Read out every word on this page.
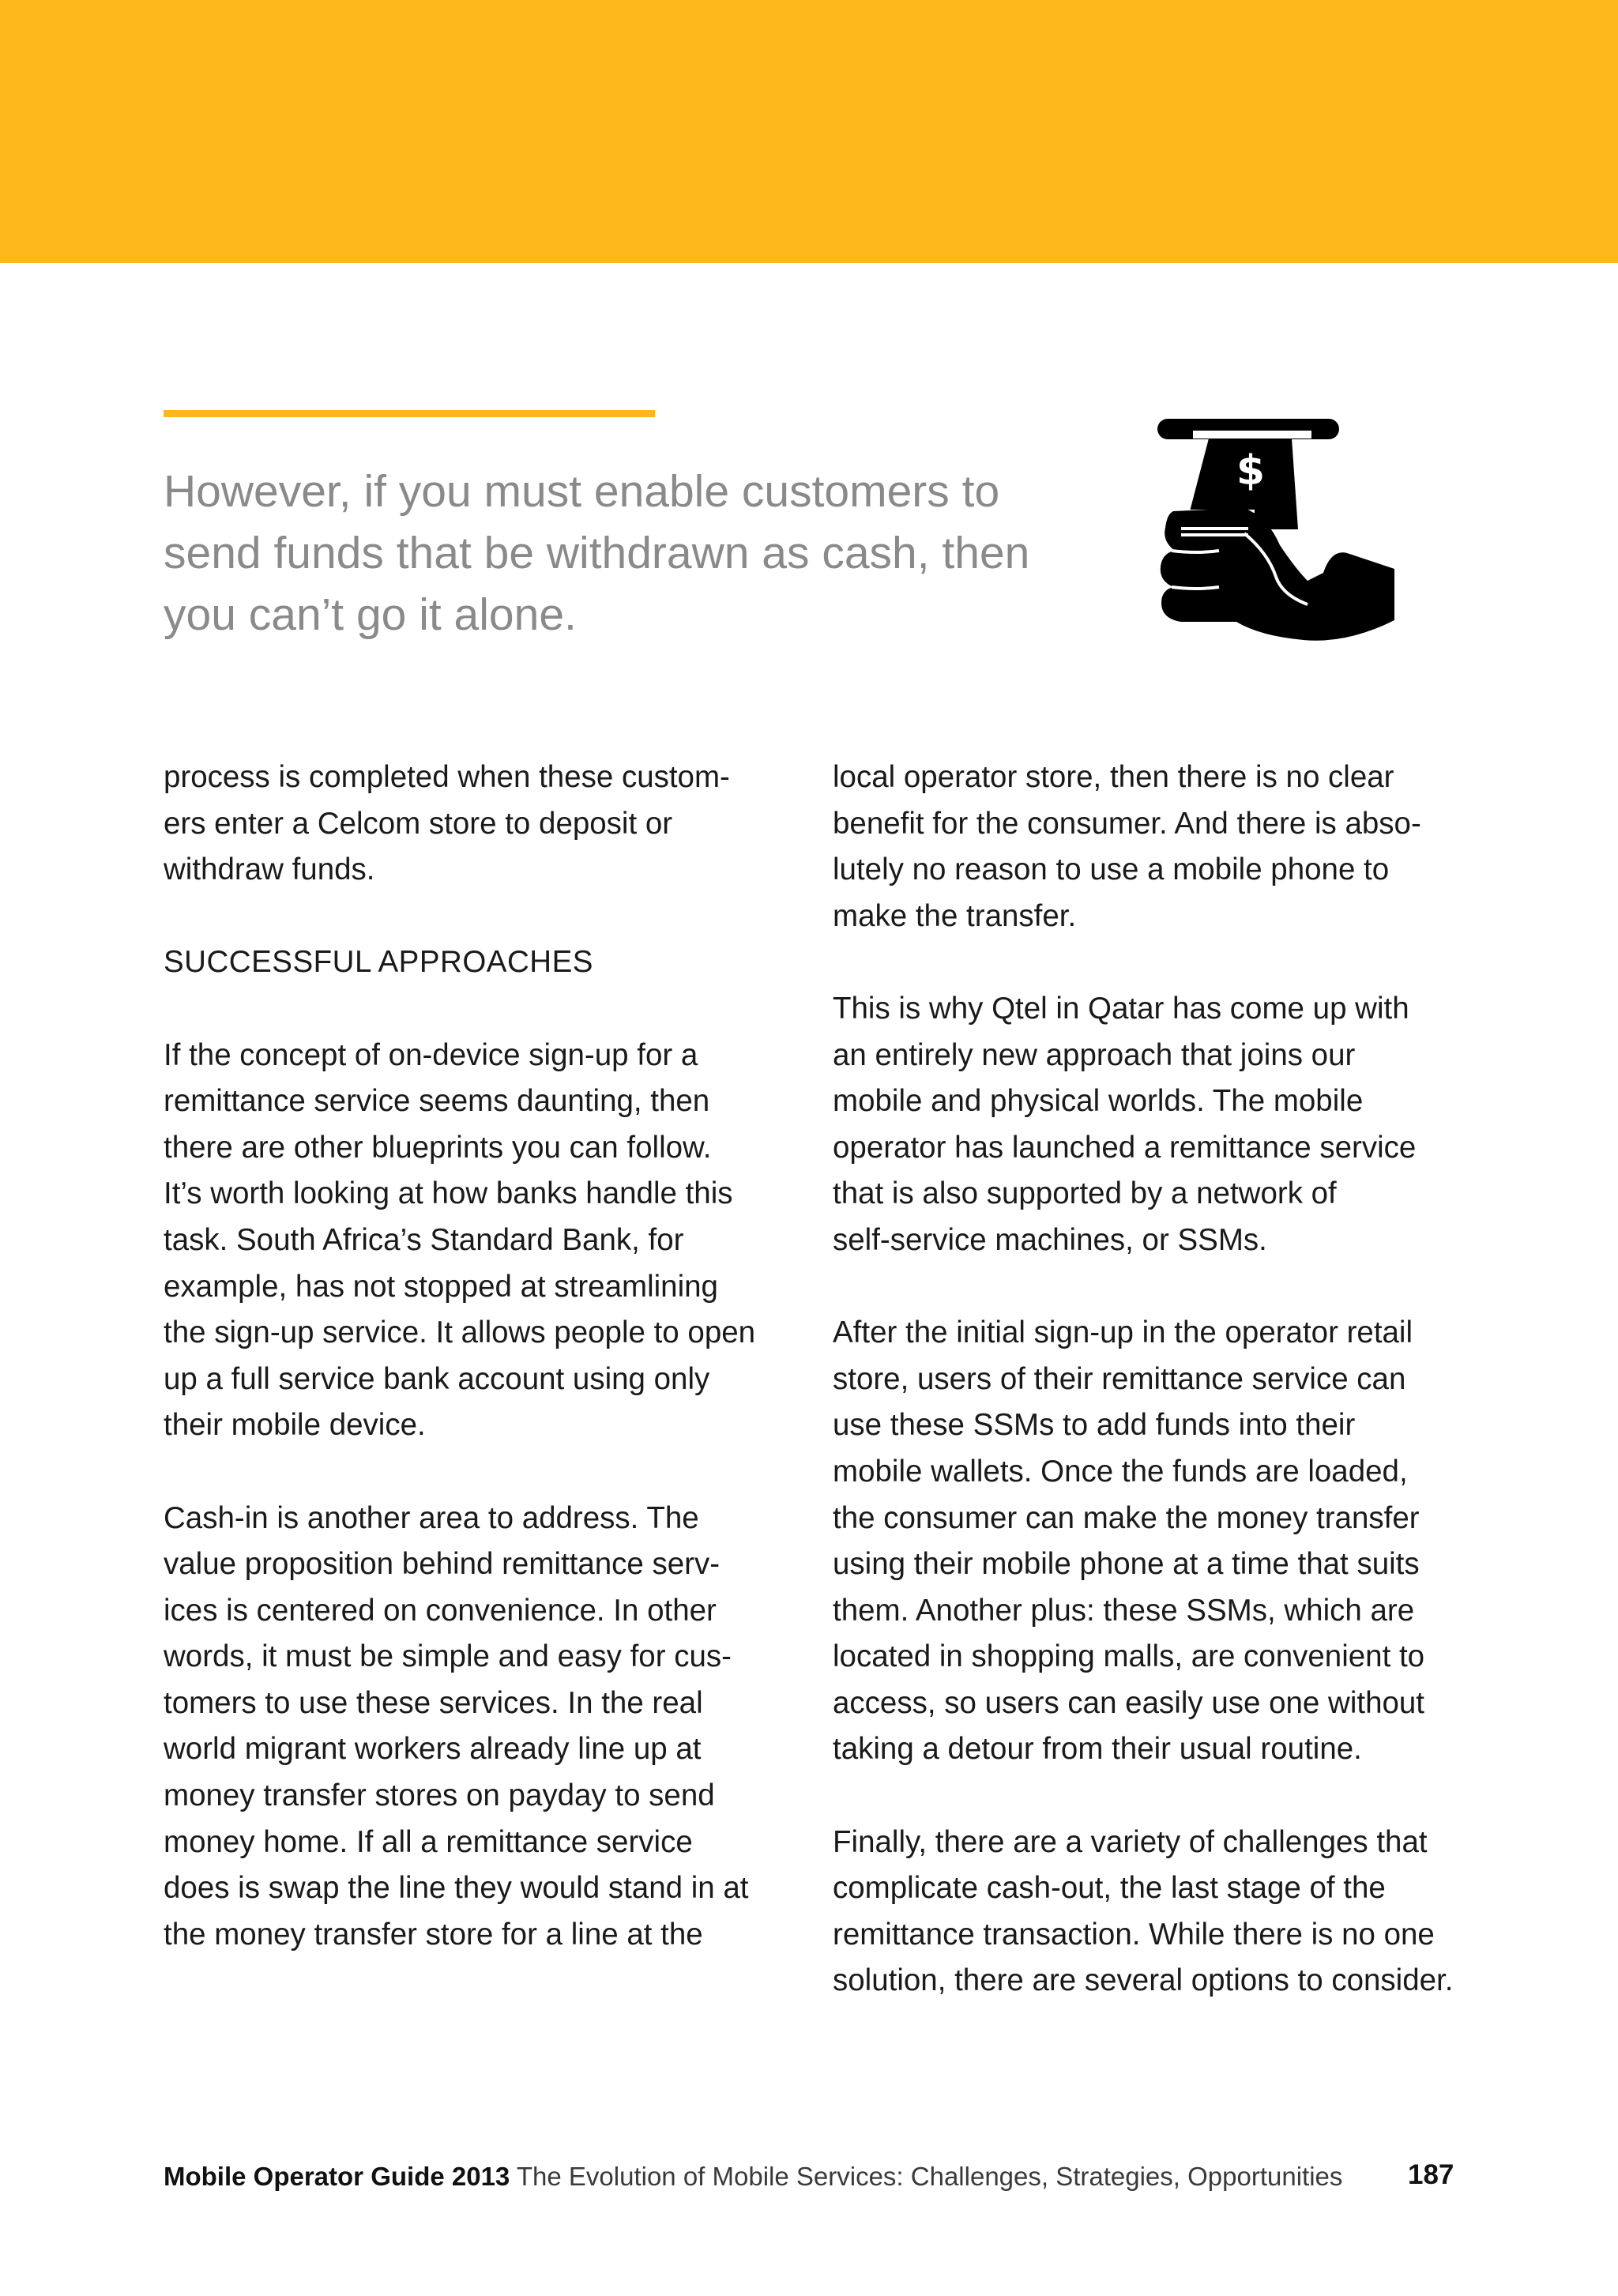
However, if you must enable customers to
send funds that be withdrawn as cash, then
you can’t go it alone.

$

process is completed when these custom-
ers enter a Celcom store to deposit or
withdraw funds.

SUCCESSFUL APPROACHES

If the concept of on-device sign-up for a
remittance service seems daunting, then
there are other blueprints you can follow.
It’s worth looking at how banks handle this
task. South Africa’s Standard Bank, for
example, has not stopped at streamlining
the sign-up service. It allows people to open
up a full service bank account using only
their mobile device.

Cash-in is another area to address. The
value proposition behind remittance serv-
ices is centered on convenience. In other
words, it must be simple and easy for cus-
tomers to use these services. In the real
world migrant workers already line up at
money transfer stores on payday to send
money home. If all a remittance service
does is swap the line they would stand in at
the money transfer store for a line at the

local operator store, then there is no clear
benefit for the consumer. And there is abso-
lutely no reason to use a mobile phone to
make the transfer.

This is why Qtel in Qatar has come up with
an entirely new approach that joins our
mobile and physical worlds. The mobile
operator has launched a remittance service
that is also supported by a network of
self-service machines, or SSMs.

After the initial sign-up in the operator retail
store, users of their remittance service can
use these SSMs to add funds into their
mobile wallets. Once the funds are loaded,
the consumer can make the money transfer
using their mobile phone at a time that suits
them. Another plus: these SSMs, which are
located in shopping malls, are convenient to
access, so users can easily use one without
taking a detour from their usual routine.

Finally, there are a variety of challenges that
complicate cash-out, the last stage of the
remittance transaction. While there is no one
solution, there are several options to consider.

Mobile Operator Guide 2013 The Evolution of Mobile Services: Challenges, Strategies, Opportunities	187
